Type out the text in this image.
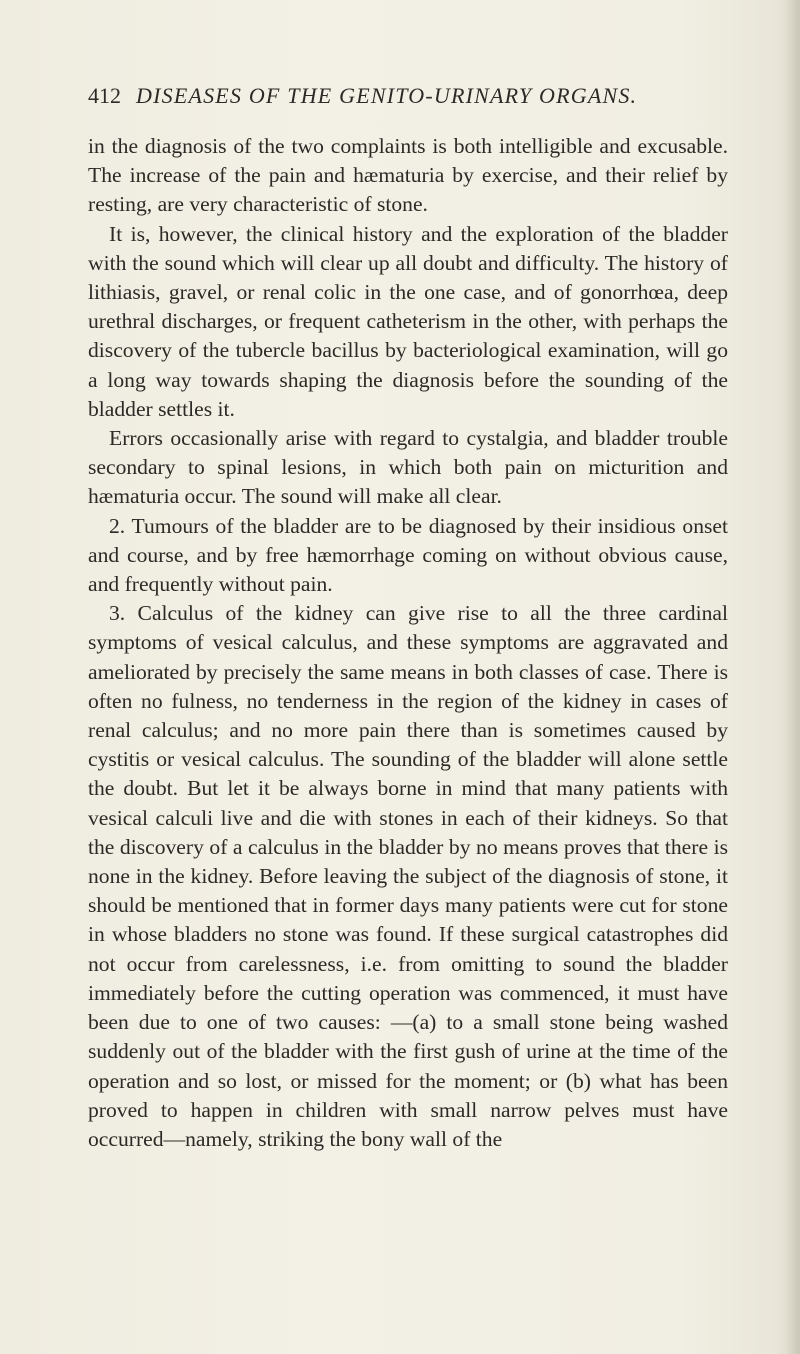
412 DISEASES OF THE GENITO-URINARY ORGANS.

in the diagnosis of the two complaints is both intelligible and excusable. The increase of the pain and hæmaturia by exercise, and their relief by resting, are very characteristic of stone.

It is, however, the clinical history and the exploration of the bladder with the sound which will clear up all doubt and difficulty. The history of lithiasis, gravel, or renal colic in the one case, and of gonorrhœa, deep urethral discharges, or frequent catheterism in the other, with perhaps the discovery of the tubercle bacillus by bacteriological examination, will go a long way towards shaping the diagnosis before the sounding of the bladder settles it.

Errors occasionally arise with regard to cystalgia, and bladder trouble secondary to spinal lesions, in which both pain on micturition and hæmaturia occur. The sound will make all clear.

2. Tumours of the bladder are to be diagnosed by their insidious onset and course, and by free hæmorrhage coming on without obvious cause, and frequently without pain.

3. Calculus of the kidney can give rise to all the three cardinal symptoms of vesical calculus, and these symptoms are aggravated and ameliorated by precisely the same means in both classes of case. There is often no fulness, no tenderness in the region of the kidney in cases of renal calculus; and no more pain there than is sometimes caused by cystitis or vesical calculus. The sounding of the bladder will alone settle the doubt. But let it be always borne in mind that many patients with vesical calculi live and die with stones in each of their kidneys. So that the discovery of a calculus in the bladder by no means proves that there is none in the kidney. Before leaving the subject of the diagnosis of stone, it should be mentioned that in former days many patients were cut for stone in whose bladders no stone was found. If these surgical catastrophes did not occur from carelessness, i.e. from omitting to sound the bladder immediately before the cutting operation was commenced, it must have been due to one of two causes: —(a) to a small stone being washed suddenly out of the bladder with the first gush of urine at the time of the operation and so lost, or missed for the moment; or (b) what has been proved to happen in children with small narrow pelves must have occurred—namely, striking the bony wall of the
